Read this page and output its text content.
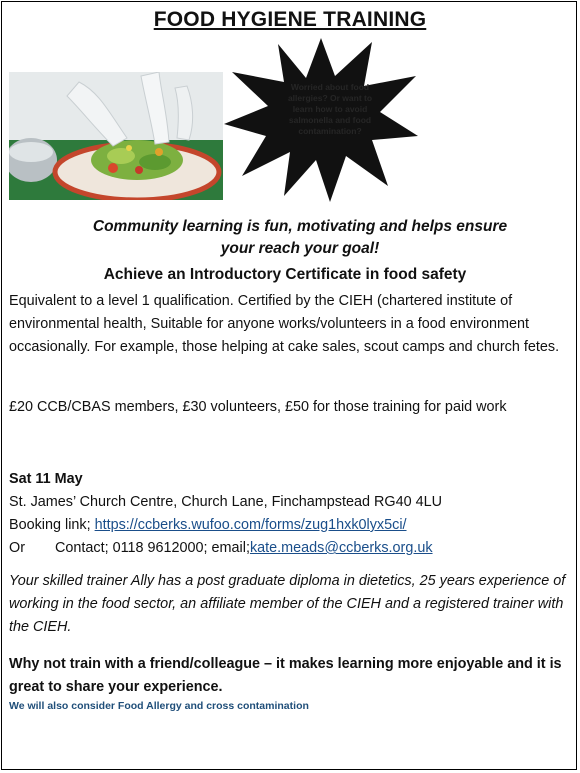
FOOD HYGIENE TRAINING
Worried about food allergies? Or want to learn how to avoid salmonella and food contamination?
Community learning is fun, motivating and helps ensure
your reach your goal!
Achieve an Introductory Certificate in food safety
Equivalent to a level 1 qualification. Certified by the CIEH (chartered institute of environmental health, Suitable for anyone works/volunteers in a food environment occasionally. For example, those helping at cake sales, scout camps and church fetes.
£20 CCB/CBAS members, £30 volunteers, £50 for those training for paid work
Sat 11 May
St. James’ Church Centre, Church Lane, Finchampstead RG40 4LU
Booking link; https://ccberks.wufoo.com/forms/zug1hxk0lyx5ci/
Or Contact; 0118 9612000; email;kate.meads@ccberks.org.uk
Your skilled trainer Ally has a post graduate diploma in dietetics, 25 years experience of working in the food sector, an affiliate member of the CIEH and a registered trainer with the CIEH.
Why not train with a friend/colleague – it makes learning more enjoyable and it is great to share your experience.
We will also consider Food Allergy and cross contamination
